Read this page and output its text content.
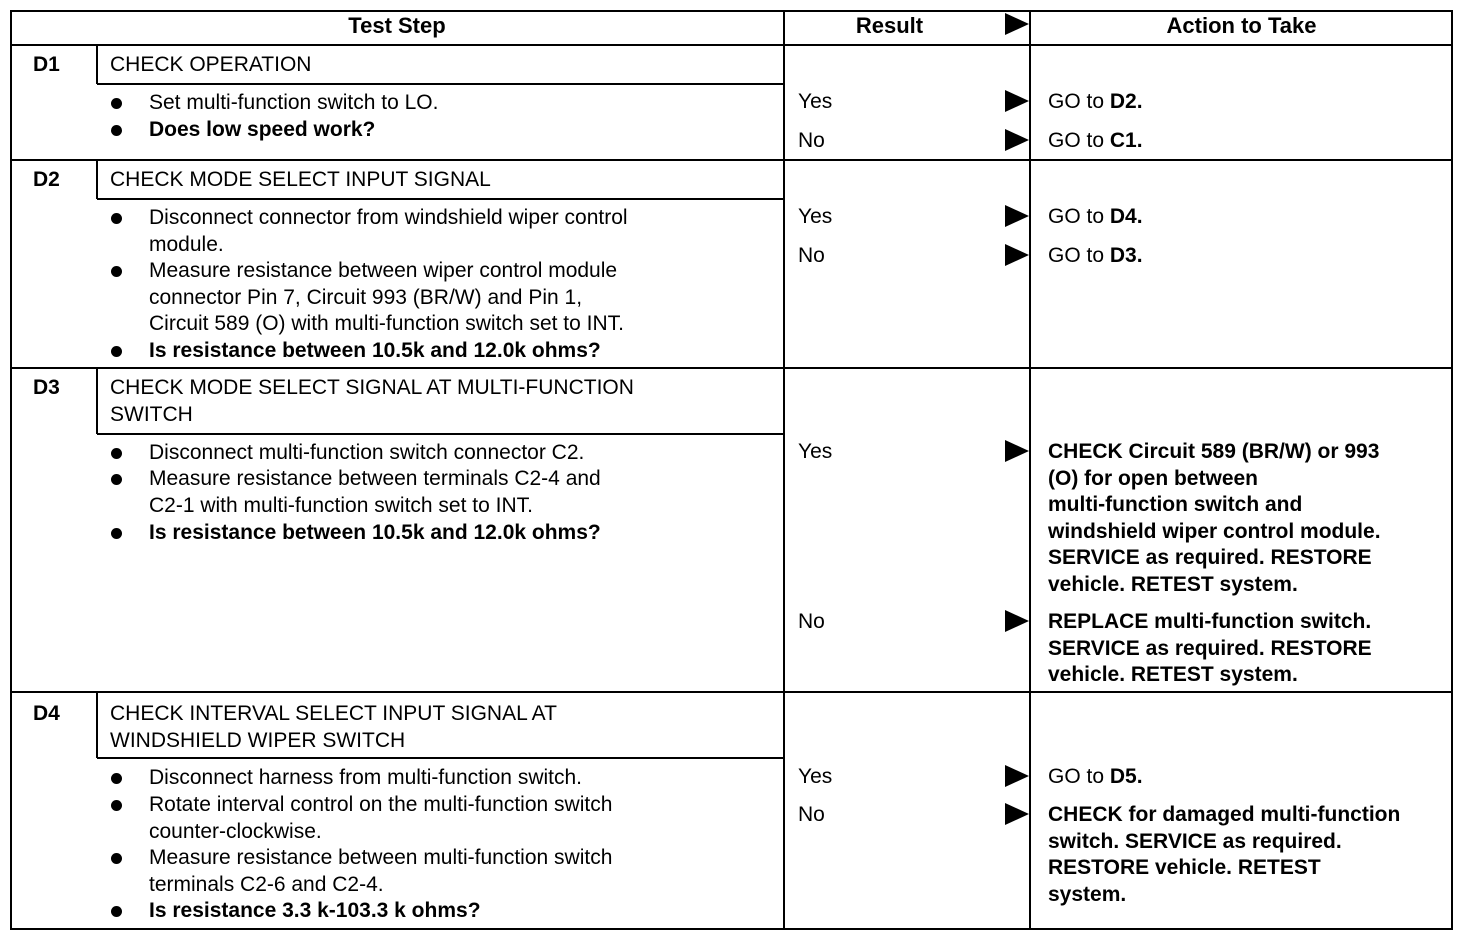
Test Step	Result	Action to Take
D1 CHECK OPERATION
Set multi-function switch to LO.
Does low speed work?
Yes	GO to D2.
No	GO to C1.
D2 CHECK MODE SELECT INPUT SIGNAL
Disconnect connector from windshield wiper control
module.
Measure resistance between wiper control module
connector Pin 7, Circuit 993 (BR/W) and Pin 1,
Circuit 589 (O) with multi-function switch set to INT.
Is resistance between 10.5k and 12.0k ohms?
Yes	GO to D4.
No	GO to D3.
D3 CHECK MODE SELECT SIGNAL AT MULTI-FUNCTION
SWITCH
Disconnect multi-function switch connector C2.
Measure resistance between terminals C2-4 and
C2-1 with multi-function switch set to INT.
Is resistance between 10.5k and 12.0k ohms?
Yes	CHECK Circuit 589 (BR/W) or 993
(O) for open between
multi-function switch and
windshield wiper control module.
SERVICE as required. RESTORE
vehicle. RETEST system.
No	REPLACE multi-function switch.
SERVICE as required. RESTORE
vehicle. RETEST system.
D4 CHECK INTERVAL SELECT INPUT SIGNAL AT
WINDSHIELD WIPER SWITCH
Disconnect harness from multi-function switch.
Rotate interval control on the multi-function switch
counter-clockwise.
Measure resistance between multi-function switch
terminals C2-6 and C2-4.
Is resistance 3.3 k-103.3 k ohms?
Yes	GO to D5.
No	CHECK for damaged multi-function
switch. SERVICE as required.
RESTORE vehicle. RETEST
system.
